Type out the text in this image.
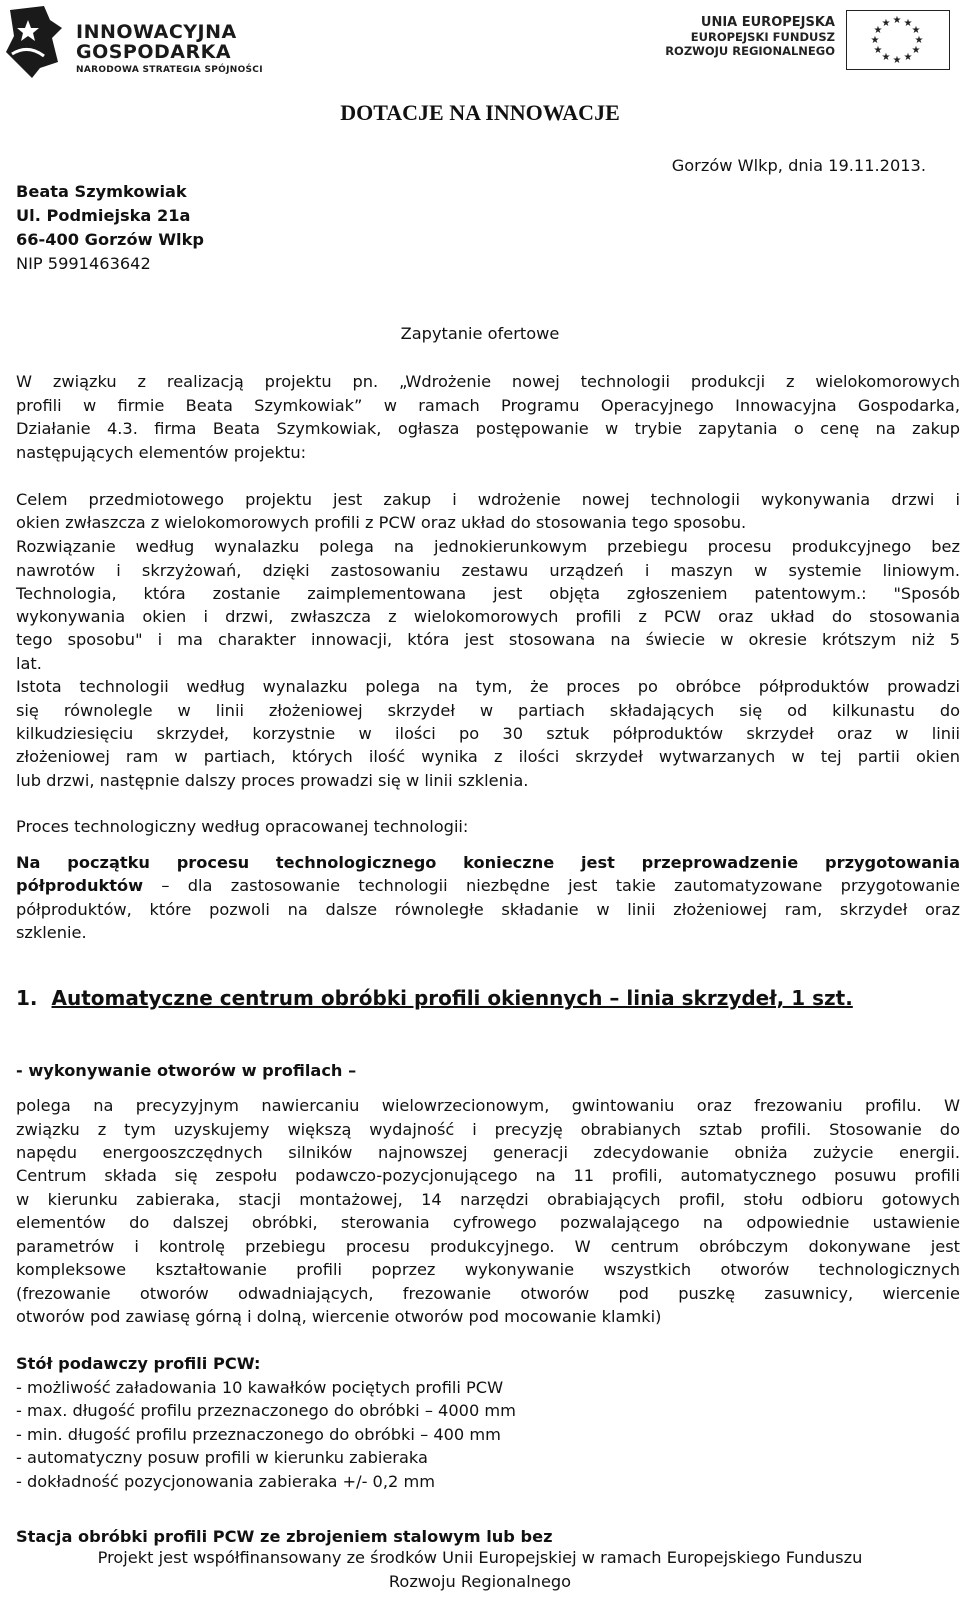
INNOWACYJNA
GOSPODARKA
NARODOWA STRATEGIA SPÓJNOŚCI
UNIA EUROPEJSKA
EUROPEJSKI FUNDUSZ
ROZWOJU REGIONALNEGO
★ ★
★
★
★
★
★
★
★
★
★
★
DOTACJE NA INNOWACJE
Gorzów Wlkp, dnia 19.11.2013.
Beata Szymkowiak
Ul. Podmiejska 21a
66-400 Gorzów Wlkp
NIP 5991463642
Zapytanie ofertowe
W związku z realizacją projektu pn. „Wdrożenie nowej technologii produkcji z wielokomorowych
profili w firmie Beata Szymkowiak” w ramach Programu Operacyjnego Innowacyjna Gospodarka,
Działanie 4.3. firma Beata Szymkowiak, ogłasza postępowanie w trybie zapytania o cenę na zakup
następujących elementów projektu:
Celem przedmiotowego projektu jest zakup i wdrożenie nowej technologii wykonywania drzwi i
okien zwłaszcza z wielokomorowych profili z PCW oraz układ do stosowania tego sposobu.
Rozwiązanie według wynalazku polega na jednokierunkowym przebiegu procesu produkcyjnego bez
nawrotów i skrzyżowań, dzięki zastosowaniu zestawu urządzeń i maszyn w systemie liniowym.
Technologia, która zostanie zaimplementowana jest objęta zgłoszeniem patentowym.: "Sposób
wykonywania okien i drzwi, zwłaszcza z wielokomorowych profili z PCW oraz układ do stosowania
tego sposobu" i ma charakter innowacji, która jest stosowana na świecie w okresie krótszym niż 5
lat.
Istota technologii według wynalazku polega na tym, że proces po obróbce półproduktów prowadzi
się równolegle w linii złożeniowej skrzydeł w partiach składających się od kilkunastu do
kilkudziesięciu skrzydeł, korzystnie w ilości po 30 sztuk półproduktów skrzydeł oraz w linii
złożeniowej ram w partiach, których ilość wynika z ilości skrzydeł wytwarzanych w tej partii okien
lub drzwi, następnie dalszy proces prowadzi się w linii szklenia.
Proces technologiczny według opracowanej technologii:
Na początku procesu technologicznego konieczne jest przeprowadzenie przygotowania
półproduktów – dla zastosowanie technologii niezbędne jest takie zautomatyzowane przygotowanie
półproduktów, które pozwoli na dalsze równoległe składanie w linii złożeniowej ram, skrzydeł oraz
szklenie.
1. Automatyczne centrum obróbki profili okiennych – linia skrzydeł, 1 szt.
- wykonywanie otworów w profilach –
polega na precyzyjnym nawiercaniu wielowrzecionowym, gwintowaniu oraz frezowaniu profilu. W
związku z tym uzyskujemy większą wydajność i precyzję obrabianych sztab profili. Stosowanie do
napędu energooszczędnych silników najnowszej generacji zdecydowanie obniża zużycie energii.
Centrum składa się zespołu podawczo-pozycjonującego na 11 profili, automatycznego posuwu profili
w kierunku zabieraka, stacji montażowej, 14 narzędzi obrabiających profil, stołu odbioru gotowych
elementów do dalszej obróbki, sterowania cyfrowego pozwalającego na odpowiednie ustawienie
parametrów i kontrolę przebiegu procesu produkcyjnego. W centrum obróbczym dokonywane jest
kompleksowe kształtowanie profili poprzez wykonywanie wszystkich otworów technologicznych
(frezowanie otworów odwadniających, frezowanie otworów pod puszkę zasuwnicy, wiercenie
otworów pod zawiasę górną i dolną, wiercenie otworów pod mocowanie klamki)
Stół podawczy profili PCW:
- możliwość załadowania 10 kawałków pociętych profili PCW
- max. długość profilu przeznaczonego do obróbki – 4000 mm
- min. długość profilu przeznaczonego do obróbki – 400 mm
- automatyczny posuw profili w kierunku zabieraka
- dokładność pozycjonowania zabieraka +/- 0,2 mm
Stacja obróbki profili PCW ze zbrojeniem stalowym lub bez
Projekt jest współfinansowany ze środków Unii Europejskiej w ramach Europejskiego Funduszu
Rozwoju Regionalnego
